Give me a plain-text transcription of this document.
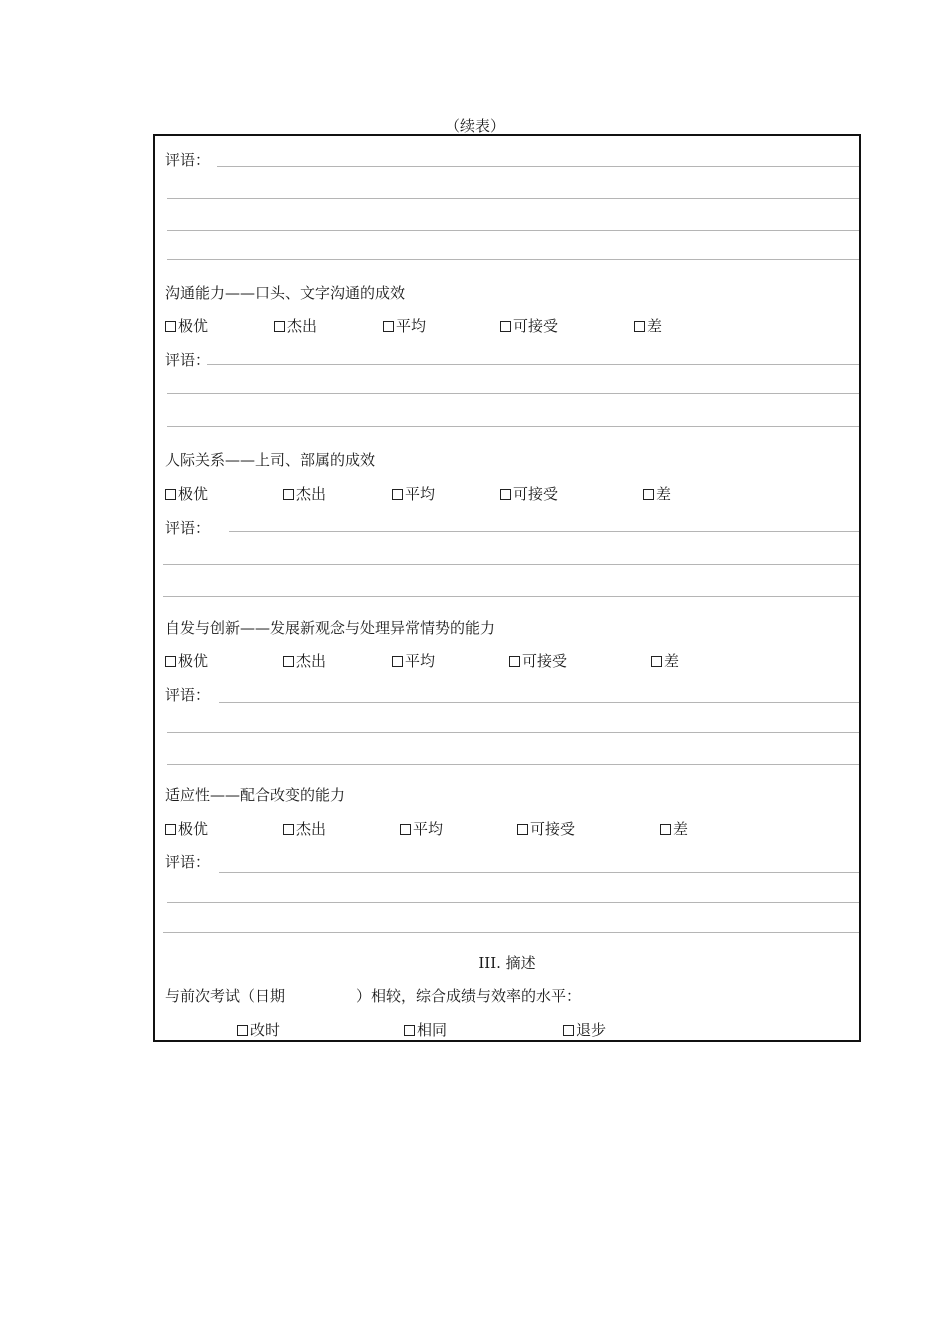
（续表）
评语：
沟通能力——口头、文字沟通的成效
极优	杰出	平均	可接受	差
评语：
人际关系——上司、部属的成效
极优	杰出	平均	可接受	差
评语：
自发与创新——发展新观念与处理异常情势的能力
极优	杰出	平均	可接受	差
评语：
适应性——配合改变的能力
极优	杰出	平均	可接受	差
评语：
III. 摘述
与前次考试（日期	）相较，综合成绩与效率的水平：
改时	相同	退步
